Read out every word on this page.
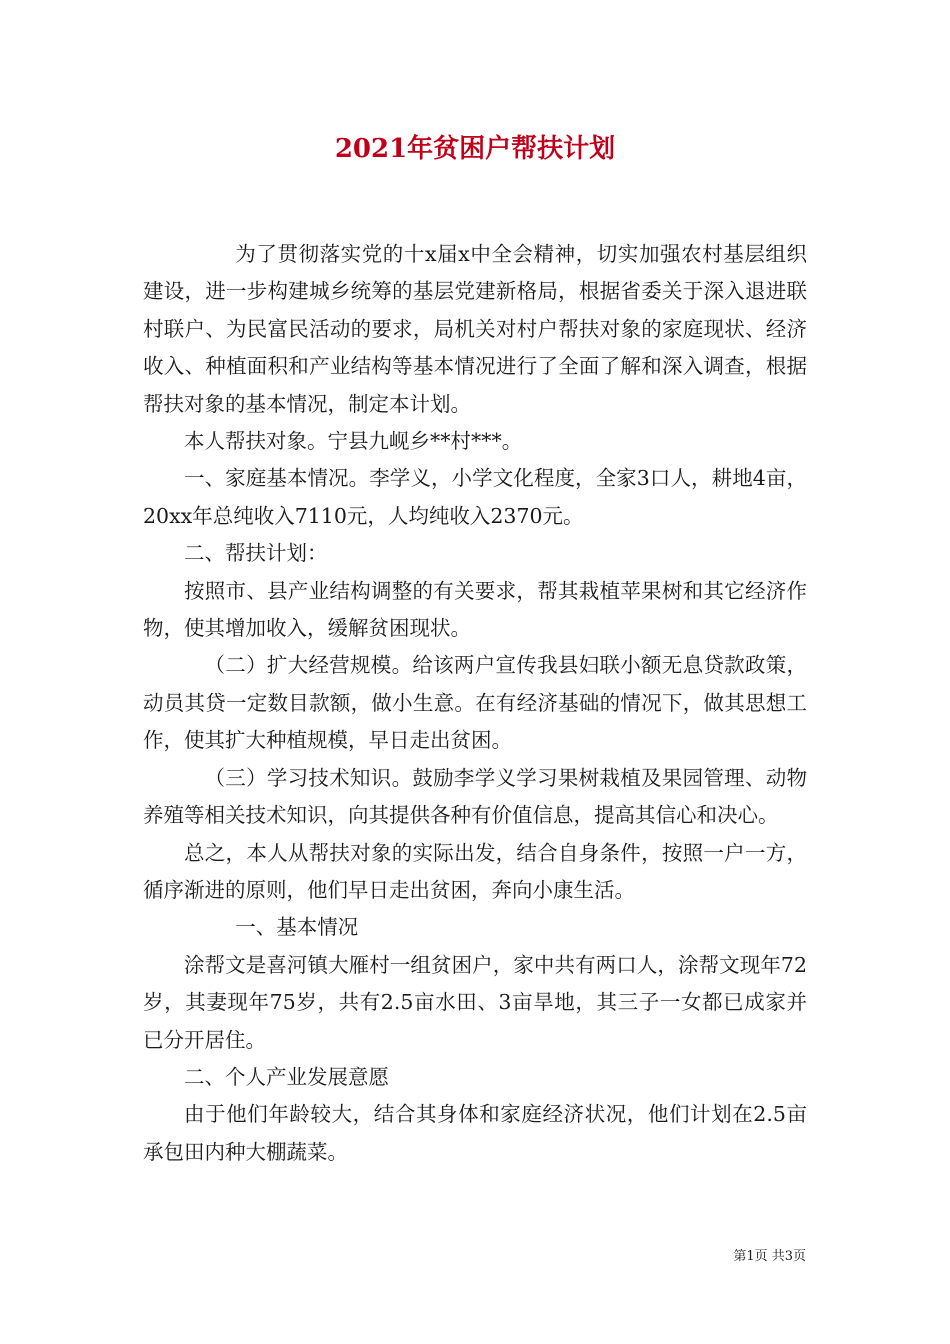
2021年贫困户帮扶计划

为了贯彻落实党的十x届x中全会精神，切实加强农村基层组织建设，进一步构建城乡统筹的基层党建新格局，根据省委关于深入退进联村联户、为民富民活动的要求，局机关对村户帮扶对象的家庭现状、经济收入、种植面积和产业结构等基本情况进行了全面了解和深入调查，根据帮扶对象的基本情况，制定本计划。

本人帮扶对象。宁县九岘乡**村***。

一、家庭基本情况。李学义，小学文化程度，全家3口人，耕地4亩，20xx年总纯收入7110元，人均纯收入2370元。

二、帮扶计划：

按照市、县产业结构调整的有关要求，帮其栽植苹果树和其它经济作物，使其增加收入，缓解贫困现状。

（二）扩大经营规模。给该两户宣传我县妇联小额无息贷款政策，动员其贷一定数目款额，做小生意。在有经济基础的情况下，做其思想工作，使其扩大种植规模，早日走出贫困。

（三）学习技术知识。鼓励李学义学习果树栽植及果园管理、动物养殖等相关技术知识，向其提供各种有价值信息，提高其信心和决心。

总之，本人从帮扶对象的实际出发，结合自身条件，按照一户一方，循序渐进的原则，他们早日走出贫困，奔向小康生活。

一、基本情况

涂帮文是喜河镇大雁村一组贫困户，家中共有两口人，涂帮文现年72岁，其妻现年75岁，共有2.5亩水田、3亩旱地，其三子一女都已成家并已分开居住。

二、个人产业发展意愿

由于他们年龄较大，结合其身体和家庭经济状况，他们计划在2.5亩承包田内种大棚蔬菜。

第1页 共3页
